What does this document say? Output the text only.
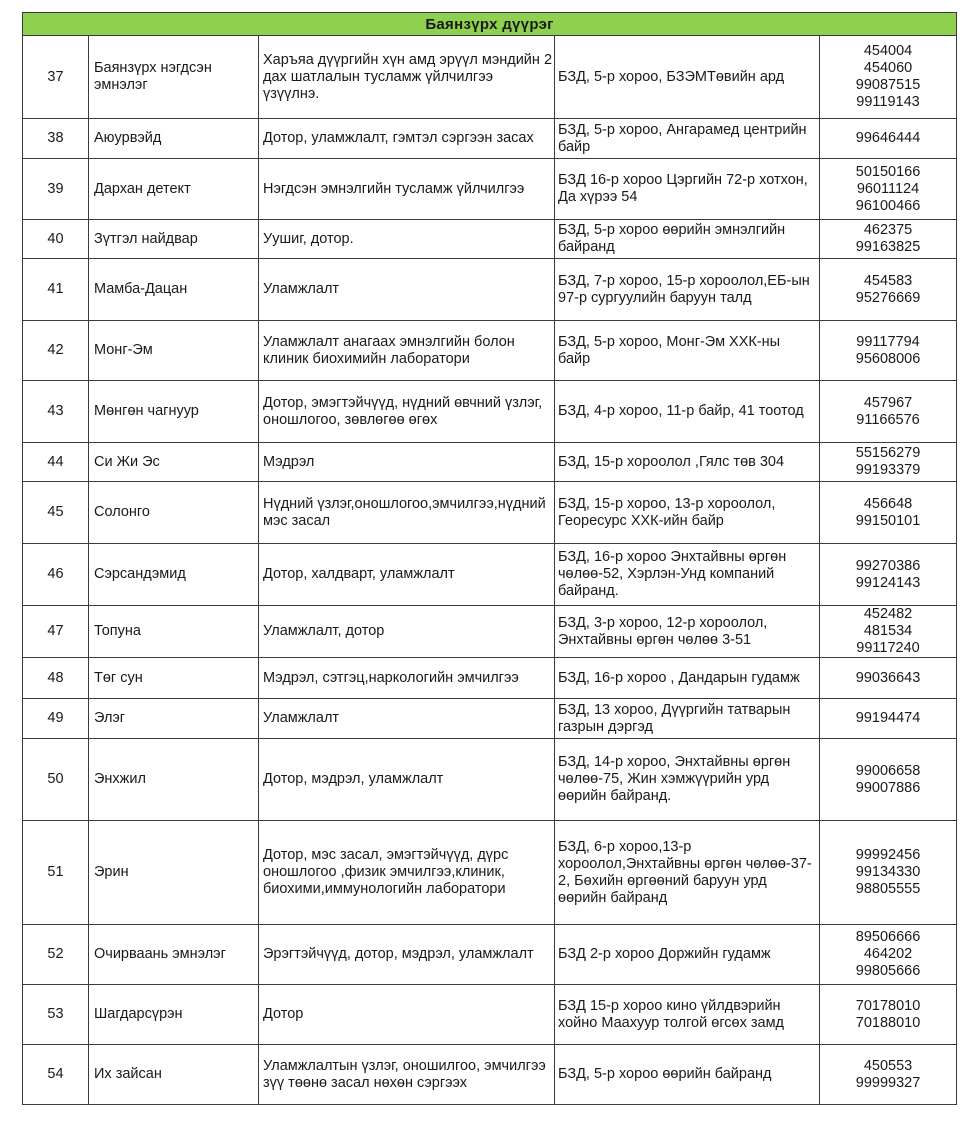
Баянзүрх дүүрэг				
37	Баянзүрх нэгдсэн эмнэлэг	Харъяа дүүргийн хүн амд эрүүл мэндийн 2 дах шатлалын тусламж үйлчилгээ үзүүлнэ.	БЗД, 5-р хороо, БЗЭМТөвийн ард	454004
454060
99087515
99119143

38	Аюурвэйд	Дотор, уламжлалт, гэмтэл сэргээн засах	БЗД, 5-р хороо, Ангарамед центрийн байр	99646444

39	Дархан детект	Нэгдсэн эмнэлгийн тусламж үйлчилгээ	БЗД 16-р хороо Цэргийн 72-р хотхон, Да хүрээ 54	50150166
96011124
96100466

40	Зүтгэл найдвар	Уушиг, дотор.	БЗД, 5-р хороо өөрийн эмнэлгийн байранд	462375
99163825

41	Мамба-Дацан	Уламжлалт	БЗД, 7-р хороо, 15-р хороолол,ЕБ-ын 97-р сургуулийн баруун талд	454583
95276669

42	Монг-Эм	Уламжлалт анагаах эмнэлгийн болон клиник биохимийн лаборатори	БЗД, 5-р хороо, Монг-Эм ХХК-ны байр	99117794
95608006

43	Мөнгөн чагнуур	Дотор, эмэгтэйчүүд, нүдний өвчний үзлэг, оношлогоо, зөвлөгөө өгөх	БЗД, 4-р хороо, 11-р байр, 41 тоотод	457967
91166576

44	Си Жи Эс	Мэдрэл	БЗД, 15-р хороолол ,Гялс төв 304	55156279
99193379

45	Солонго	Нүдний үзлэг,оношлогоо,эмчилгээ,нүдний мэс засал	БЗД, 15-р хороо, 13-р хороолол, Георесурс ХХК-ийн байр	456648
99150101

46	Сэрсандэмид	Дотор, халдварт, уламжлалт	БЗД, 16-р хороо Энхтайвны өргөн чөлөө-52, Хэрлэн-Унд компаний байранд.	99270386
99124143

47	Топуна	Уламжлалт, дотор	БЗД, 3-р хороо, 12-р хороолол, Энхтайвны өргөн чөлөө 3-51	452482
481534
99117240

48	Төг сун	Мэдрэл, сэтгэц,наркологийн эмчилгээ	БЗД, 16-р хороо , Дандарын гудамж	99036643

49	Элэг	Уламжлалт	БЗД, 13 хороо, Дүүргийн татварын газрын дэргэд	99194474

50	Энхжил	Дотор, мэдрэл, уламжлалт	БЗД, 14-р хороо, Энхтайвны өргөн чөлөө-75, Жин хэмжүүрийн урд өөрийн байранд.	99006658
99007886

51	Эрин	Дотор, мэс засал, эмэгтэйчүүд, дүрс оношлогоо ,физик эмчилгээ,клиник, биохими,иммунологийн лаборатори	БЗД, 6-р хороо,13-р хороолол,Энхтайвны өргөн чөлөө-37-2, Бөхийн өргөөний баруун урд өөрийн байранд	99992456
99134330
98805555

52	Очирваань эмнэлэг	Эрэгтэйчүүд, дотор, мэдрэл, уламжлалт	БЗД 2-р хороо Доржийн гудамж	89506666
464202
99805666

53	Шагдарсүрэн	Дотор	БЗД 15-р хороо кино үйлдвэрийн хойно Маахуур толгой өгсөх замд	70178010
70188010

54	Их зайсан	Уламжлалтын үзлэг, оношилгоо, эмчилгээ зүү төөнө засал нөхөн сэргээх	БЗД, 5-р хороо өөрийн байранд	450553
99999327
